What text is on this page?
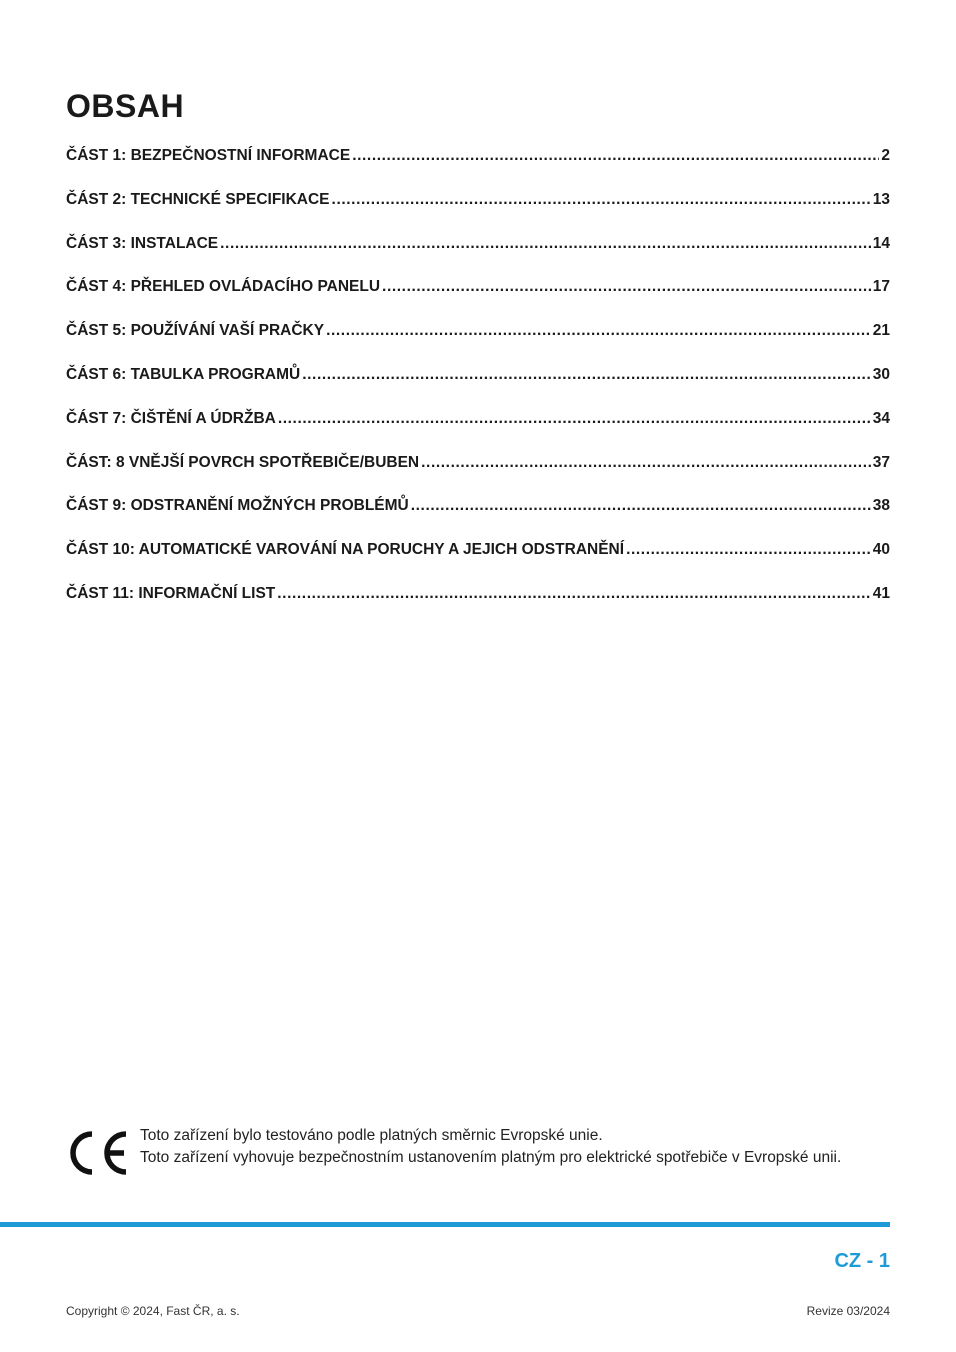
OBSAH
ČÁST 1: BEZPEČNOSTNÍ INFORMACE .....	2
ČÁST 2: TECHNICKÉ SPECIFIKACE .....	13
ČÁST 3: INSTALACE .....	14
ČÁST 4: PŘEHLED OVLÁDACÍHO PANELU .....	17
ČÁST 5: POUŽÍVÁNÍ VAŠÍ PRAČKY .....	21
ČÁST 6: TABULKA PROGRAMŮ .....	30
ČÁST 7: ČIŠTĚNÍ A ÚDRŽBA .....	34
ČÁST: 8 VNĚJŠÍ POVRCH SPOTŘEBIČE/BUBEN .....	37
ČÁST 9: ODSTRANĚNÍ MOŽNÝCH PROBLÉMŮ .....	38
ČÁST 10: AUTOMATICKÉ VAROVÁNÍ NA PORUCHY A JEJICH ODSTRANĚNÍ .....	40
ČÁST 11: INFORMAČNÍ LIST .....	41

Toto zařízení bylo testováno podle platných směrnic Evropské unie.

Toto zařízení vyhovuje bezpečnostním ustanovením platným pro elektrické spotřebiče v Evropské unii.

CZ - 1
Copyright © 2024, Fast ČR, a. s.	Revize 03/2024
